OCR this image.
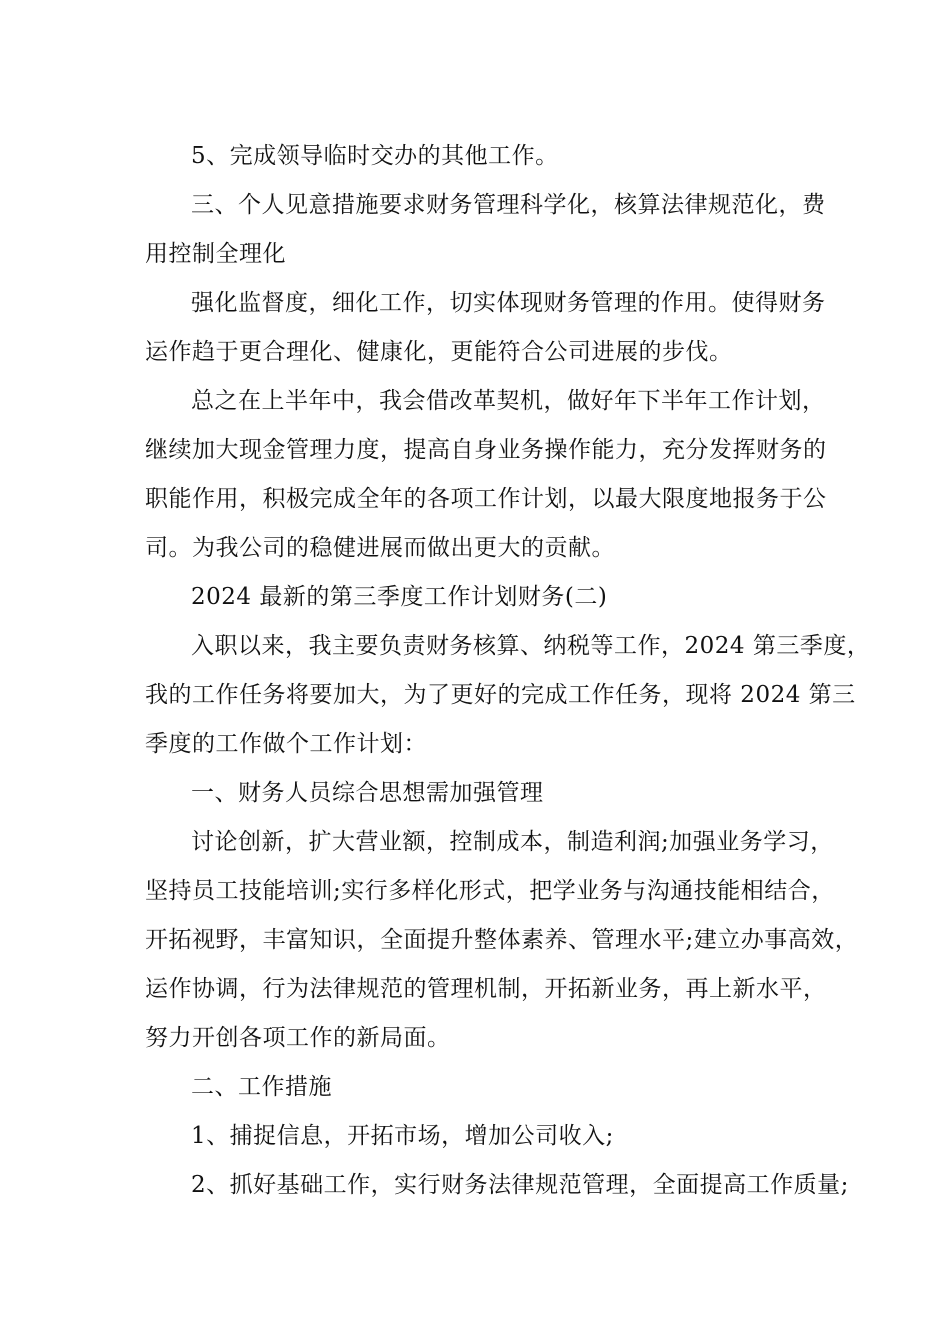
5、完成领导临时交办的其他工作。

三、个人见意措施要求财务管理科学化，核算法律规范化，费
用控制全理化

强化监督度，细化工作，切实体现财务管理的作用。使得财务
运作趋于更合理化、健康化，更能符合公司进展的步伐。

总之在上半年中，我会借改革契机，做好年下半年工作计划，
继续加大现金管理力度，提高自身业务操作能力，充分发挥财务的
职能作用，积极完成全年的各项工作计划，以最大限度地报务于公
司。为我公司的稳健进展而做出更大的贡献。

2024 最新的第三季度工作计划财务(二)

入职以来，我主要负责财务核算、纳税等工作，2024 第三季度，
我的工作任务将要加大，为了更好的完成工作任务，现将 2024 第三
季度的工作做个工作计划：

一、财务人员综合思想需加强管理

讨论创新，扩大营业额，控制成本，制造利润;加强业务学习，
坚持员工技能培训;实行多样化形式，把学业务与沟通技能相结合，
开拓视野，丰富知识，全面提升整体素养、管理水平;建立办事高效，
运作协调，行为法律规范的管理机制，开拓新业务，再上新水平，
努力开创各项工作的新局面。

二、工作措施

1、捕捉信息，开拓市场，增加公司收入;

2、抓好基础工作，实行财务法律规范管理，全面提高工作质量;
